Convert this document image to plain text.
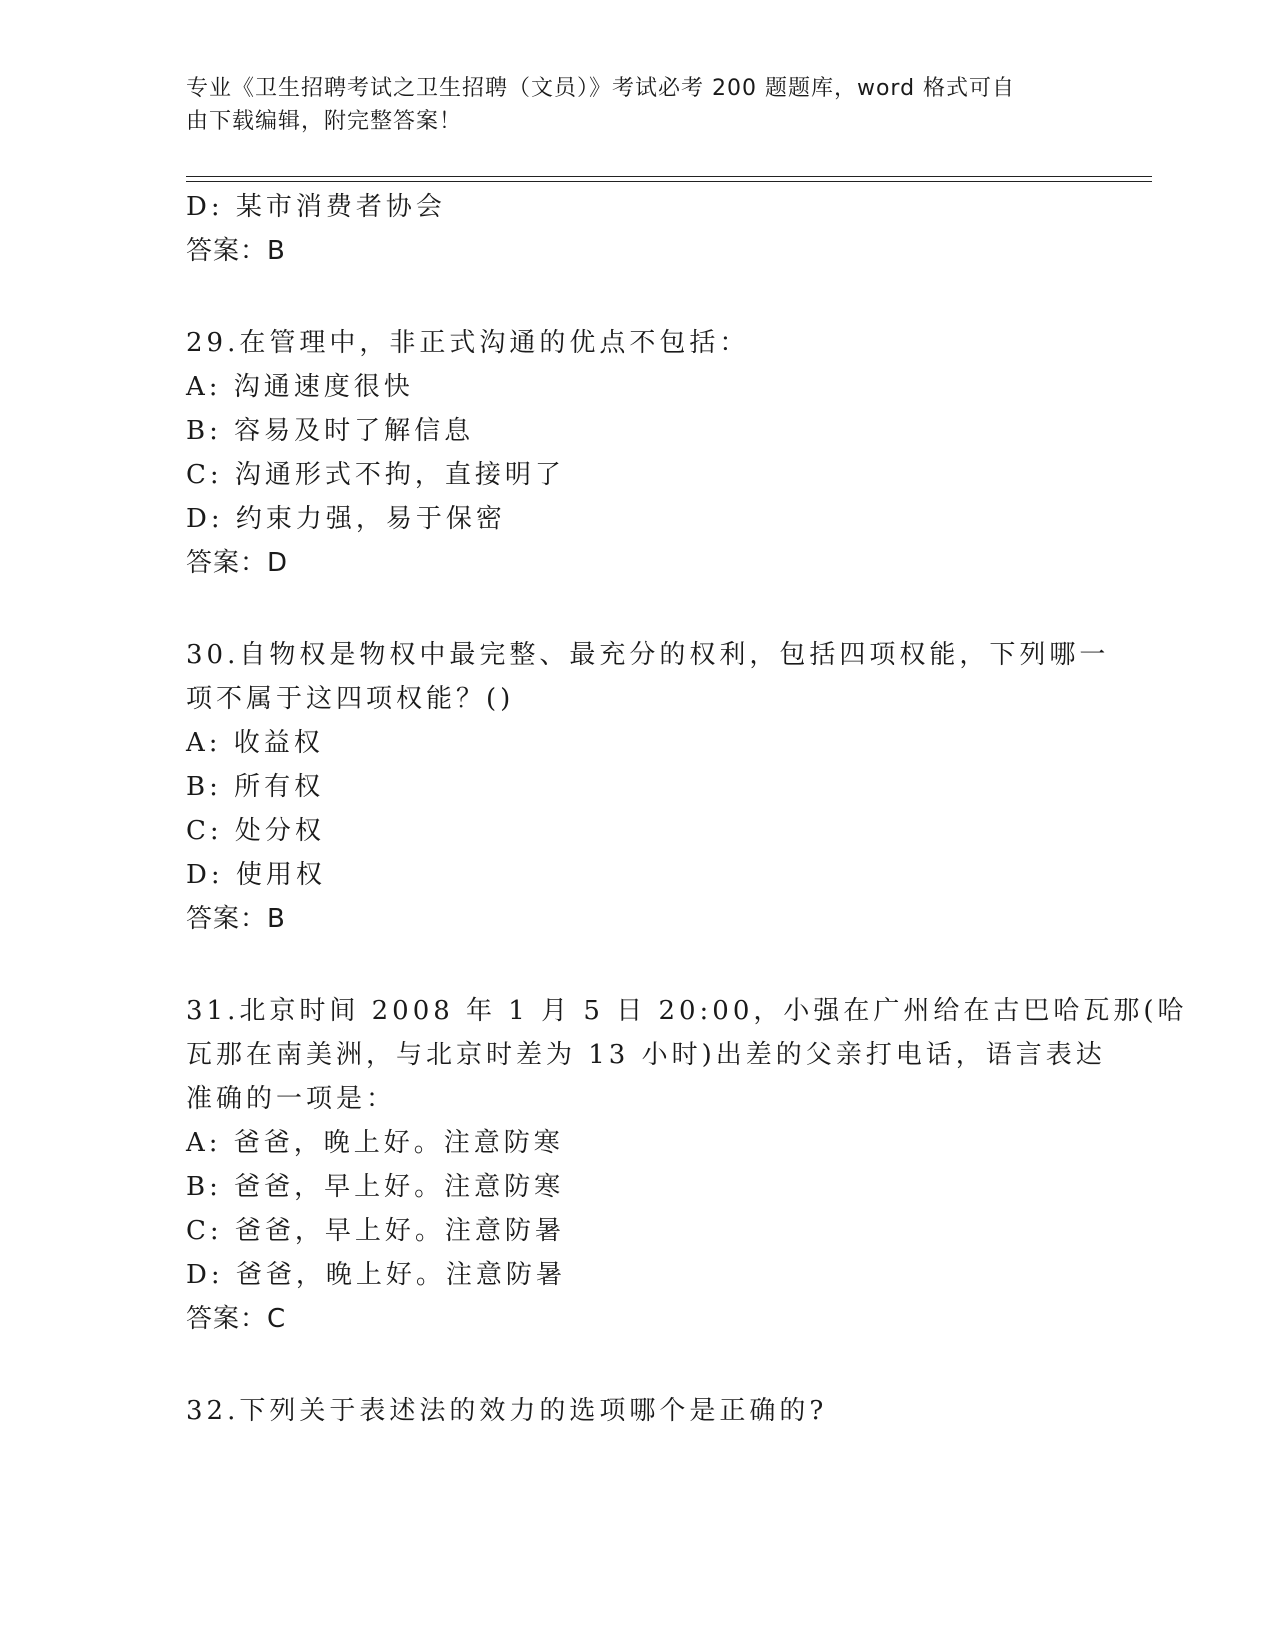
专业《卫生招聘考试之卫生招聘（文员）》考试必考 200 题题库，word 格式可自
由下载编辑，附完整答案！
D: 某市消费者协会
答案：B
29.在管理中，非正式沟通的优点不包括：
A: 沟通速度很快
B: 容易及时了解信息
C: 沟通形式不拘，直接明了
D: 约束力强，易于保密
答案：D
30.自物权是物权中最完整、最充分的权利，包括四项权能，下列哪一
项不属于这四项权能？()
A: 收益权
B: 所有权
C: 处分权
D: 使用权
答案：B
31.北京时间 2008 年 1 月 5 日 20:00，小强在广州给在古巴哈瓦那(哈
瓦那在南美洲，与北京时差为 13 小时)出差的父亲打电话，语言表达
准确的一项是：
A: 爸爸，晚上好。注意防寒
B: 爸爸，早上好。注意防寒
C: 爸爸，早上好。注意防暑
D: 爸爸，晚上好。注意防暑
答案：C
32.下列关于表述法的效力的选项哪个是正确的?
